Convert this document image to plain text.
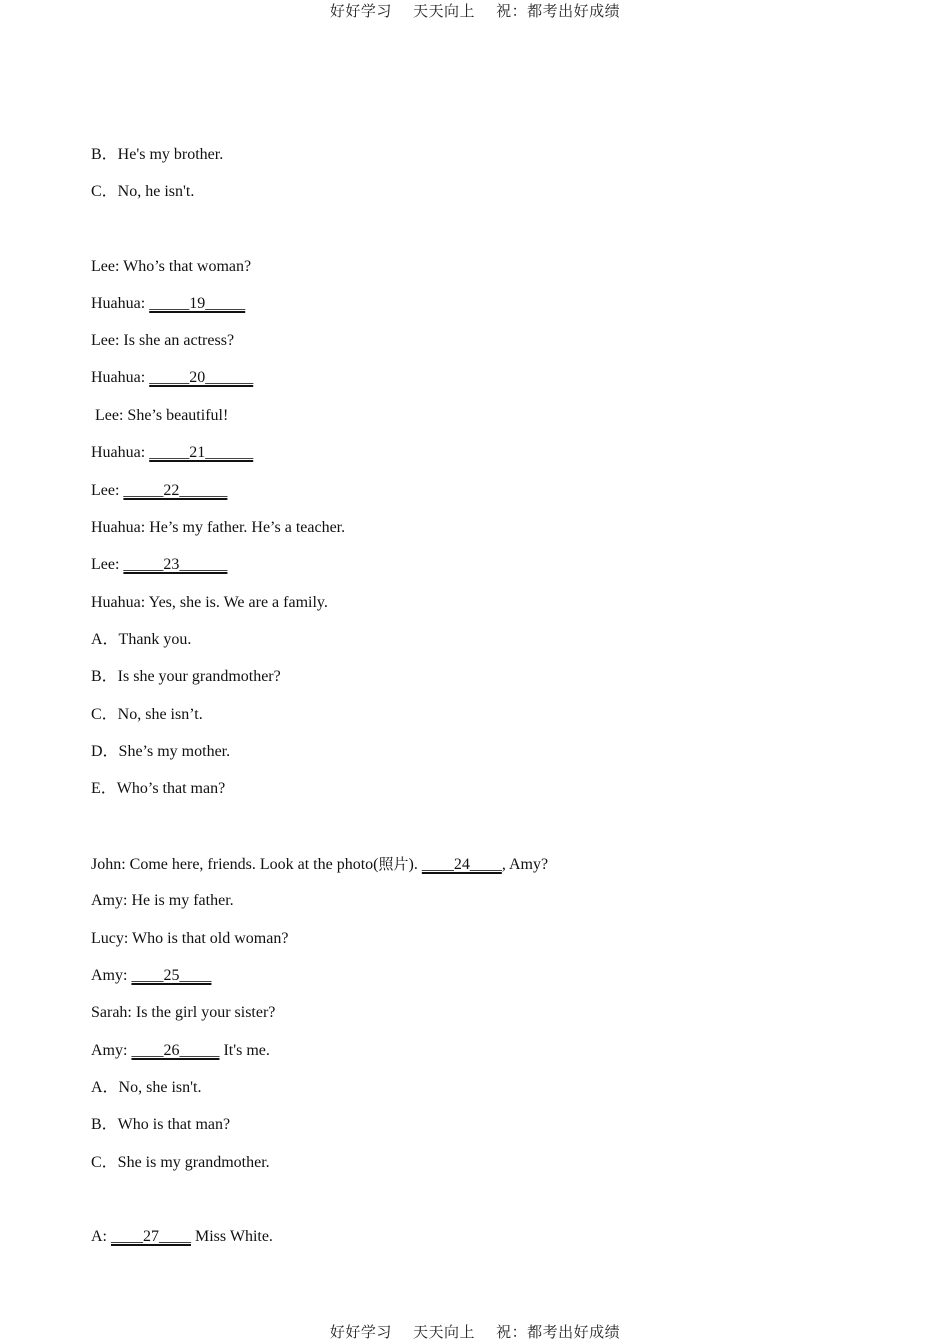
好好学习    天天向上    祝：都考出好成绩
B．He's my brother.
C．No, he isn't.
Lee: Who’s that woman?
Huahua: _____19_____
Lee: Is she an actress?
Huahua: _____20______
Lee: She’s beautiful!
Huahua: _____21______
Lee: _____22______
Huahua: He’s my father. He’s a teacher.
Lee: _____23______
Huahua: Yes, she is. We are a family.
A．Thank you.
B．Is she your grandmother?
C．No, she isn’t.
D．She’s my mother.
E．Who’s that man?
John: Come here, friends. Look at the photo(照片). ____24____, Amy?
Amy: He is my father.
Lucy: Who is that old woman?
Amy: ____25____
Sarah: Is the girl your sister?
Amy: ____26_____ It's me.
A．No, she isn't.
B．Who is that man?
C．She is my grandmother.
A: ____27____ Miss White.
好好学习    天天向上    祝：都考出好成绩
